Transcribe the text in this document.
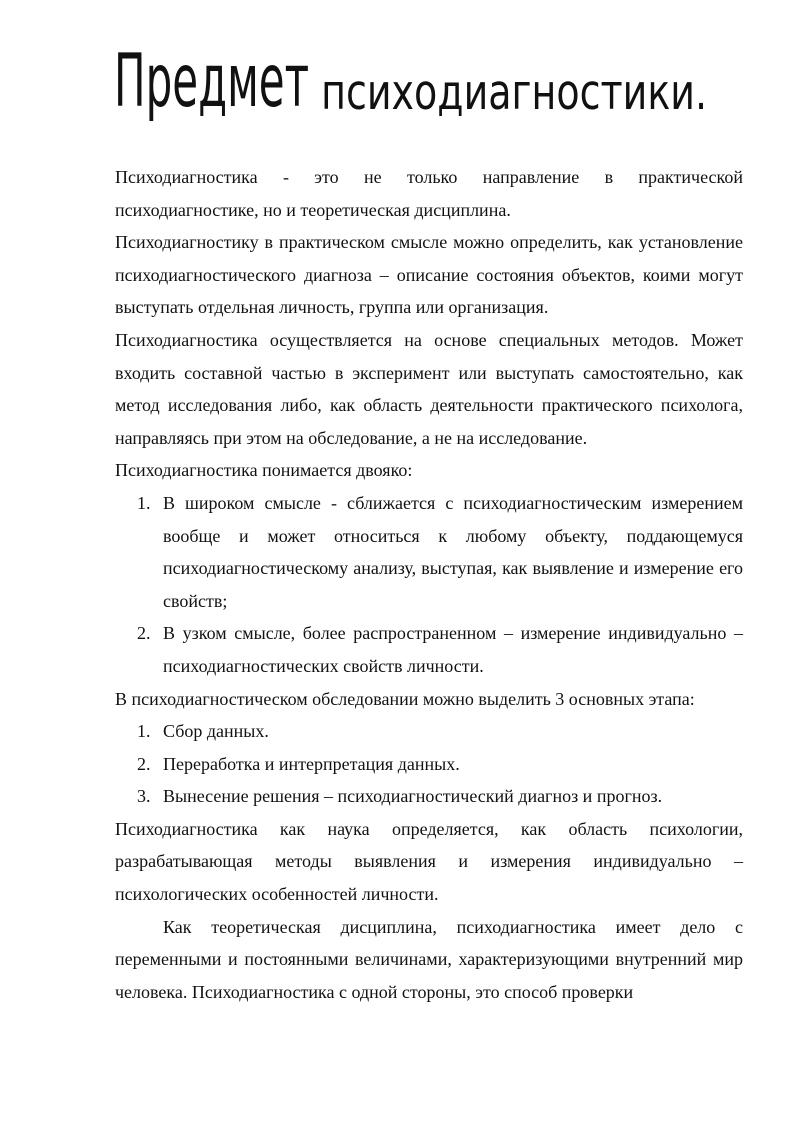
Предмет психодиагностики.

Психодиагностика - это не только направление в практической психодиагностике, но и теоретическая дисциплина.

Психодиагностику в практическом смысле можно определить, как установление психодиагностического диагноза – описание состояния объектов, коими могут выступать отдельная личность, группа или организация.

Психодиагностика осуществляется на основе специальных методов. Может входить составной частью в эксперимент или выступать самостоятельно, как метод исследования либо, как область деятельности практического психолога, направляясь при этом на обследование, а не на исследование.

Психодиагностика понимается двояко:

1. В широком смысле - сближается с психодиагностическим измерением вообще и может относиться к любому объекту, поддающемуся психодиагностическому анализу, выступая, как выявление и измерение его свойств;
2. В узком смысле, более распространенном – измерение индивидуально – психодиагностических свойств личности.

В психодиагностическом обследовании можно выделить 3 основных этапа:

1. Сбор данных.
2. Переработка и интерпретация данных.
3. Вынесение решения – психодиагностический диагноз и прогноз.

Психодиагностика как наука определяется, как область психологии, разрабатывающая методы выявления и измерения индивидуально – психологических особенностей личности.

Как теоретическая дисциплина, психодиагностика имеет дело с переменными и постоянными величинами, характеризующими внутренний мир человека. Психодиагностика с одной стороны, это способ проверки
